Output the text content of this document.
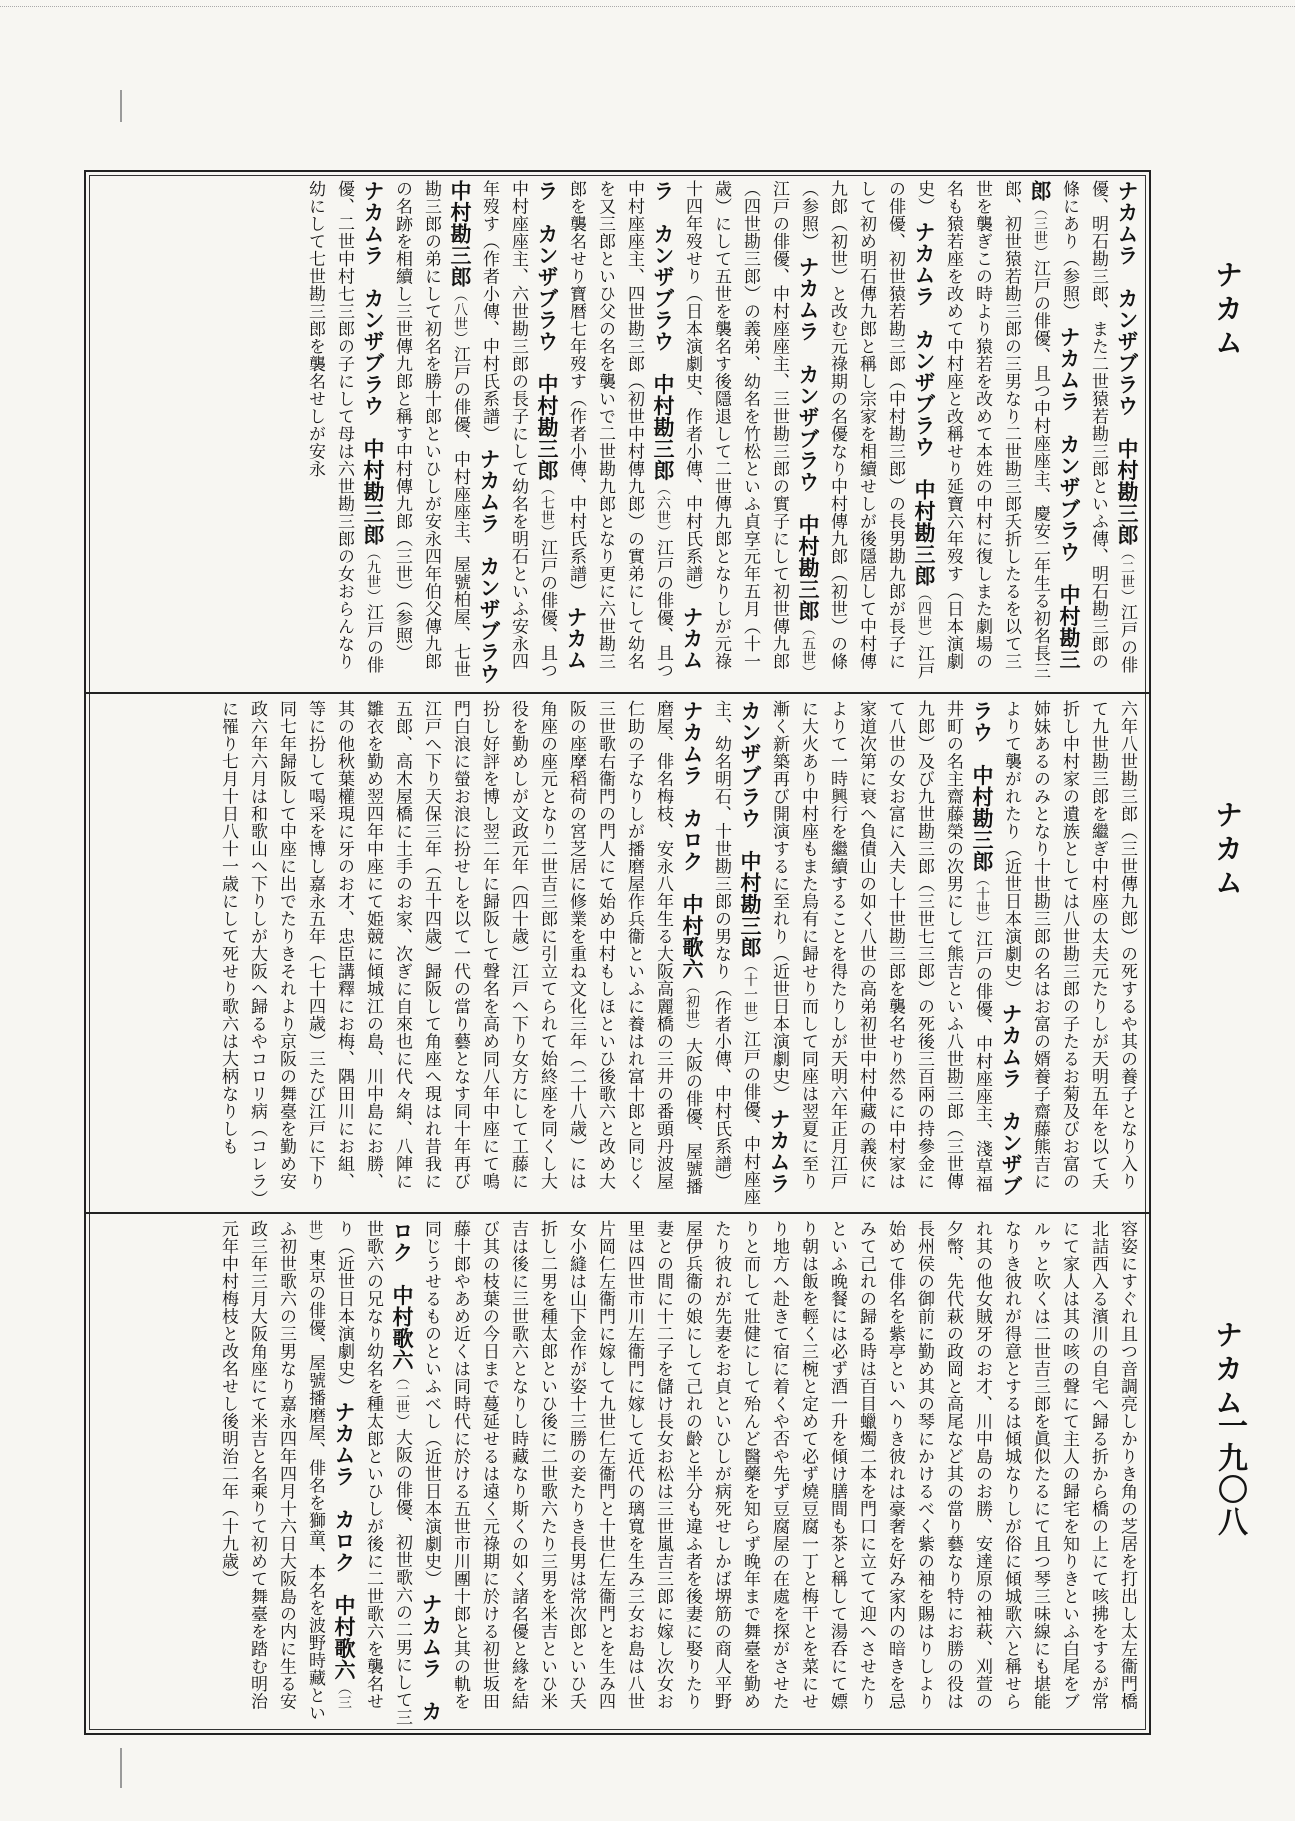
ナカム
ナカム
ナカム
一九〇八
ナカムラ　カンザブラウ　中村勘三郎（二世）江戸の俳優、明石勘三郎、また二世猿若勘三郎といふ傳、明石勘三郎の條にあり（参照） ナカムラ　カンザブラウ　中村勘三郎（三世）江戸の俳優、且つ中村座座主、慶安二年生る初名長三郎、初世猿若勘三郎の三男なり二世勘三郎夭折したるを以て三世を襲ぎこの時より猿若を改めて本姓の中村に復しまた劇場の名も猿若座を改めて中村座と改稱せり延寶六年歿す（日本演劇史） ナカムラ　カンザブラウ　中村勘三郎（四世）江戸の俳優、初世猿若勘三郎（中村勘三郎）の長男勘九郎が長子にして初め明石傳九郎と稱し宗家を相續せしが後隱居して中村傳九郎（初世）と改む元祿期の名優なり中村傳九郎（初世）の條（参照） ナカムラ　カンザブラウ　中村勘三郎（五世）江戸の俳優、中村座座主、三世勘三郎の實子にして初世傳九郎（四世勘三郎）の義弟、幼名を竹松といふ貞享元年五月（十一歳）にして五世を襲名す後隱退して二世傳九郎となりしが元祿十四年歿せり（日本演劇史、作者小傳、中村氏系譜） ナカムラ　カンザブラウ　中村勘三郎（六世）江戸の俳優、且つ中村座座主、四世勘三郎（初世中村傳九郎）の實弟にして幼名を又三郎といひ父の名を襲いで二世勘九郎となり更に六世勘三郎を襲名せり寶暦七年歿す（作者小傳、中村氏系譜） ナカムラ　カンザブラウ　中村勘三郎（七世）江戸の俳優、且つ中村座座主、六世勘三郎の長子にして幼名を明石といふ安永四年歿す（作者小傳、中村氏系譜） ナカムラ　カンザブラウ　中村勘三郎（八世）江戸の俳優、中村座座主、屋號柏屋、七世勘三郎の弟にして初名を勝十郎といひしが安永四年伯父傳九郎の名跡を相續し三世傳九郎と稱す中村傳九郎（三世）（参照） ナカムラ　カンザブラウ　中村勘三郎（九世）江戸の俳優、二世中村七三郎の子にして母は六世勘三郎の女おらんなり幼にして七世勘三郎を襲名せしが安永
六年八世勘三郎（三世傳九郎）の死するや其の養子となり入りて九世勘三郎を繼ぎ中村座の太夫元たりしが天明五年を以て夭折し中村家の遺族としては八世勘三郎の子たるお菊及びお富の姉妹あるのみとなり十世勘三郎の名はお富の婿養子齋藤熊吉によりて襲がれたり（近世日本演劇史） ナカムラ　カンザブラウ　中村勘三郎（十世）江戸の俳優、中村座座主、淺草福井町の名主齋藤榮の次男にして熊吉といふ八世勘三郎（三世傳九郎）及び九世勘三郎（三世七三郎）の死後三百兩の持參金にて八世の女お富に入夫し十世勘三郎を襲名せり然るに中村家は家道次第に衰へ負債山の如く八世の高弟初世中村仲藏の義俠によりて一時興行を繼續することを得たりしが天明六年正月江戸に大火あり中村座もまた烏有に歸せり而して同座は翌夏に至り漸く新築再び開演するに至れり（近世日本演劇史） ナカムラ　カンザブラウ　中村勘三郎（十一世）江戸の俳優、中村座座主、幼名明石、十世勘三郎の男なり（作者小傳、中村氏系譜） ナカムラ　カロク　中村歌六（初世）大阪の俳優、屋號播磨屋、俳名梅枝、安永八年生る大阪高麗橋の三井の番頭丹波屋仁助の子なりしが播磨屋作兵衞といふに養はれ富十郎と同じく三世歌右衞門の門人にて始め中村もしほといひ後歌六と改め大阪の座摩稻荷の宮芝居に修業を重ね文化三年（二十八歳）には角座の座元となり二世吉三郎に引立てられて始終座を同くし大役を勤めしが文政元年（四十歳）江戸へ下り女方にして工藤に扮し好評を博し翌二年に歸阪して聲名を高め同八年中座にて鳴門白浪に螢お浪に扮せしを以て一代の當り藝となす同十年再び江戸へ下り天保三年（五十四歳）歸阪して角座へ現はれ昔我に五郎、高木屋橋に土手のお家、次ぎに自來也に代々絹、八陣に雛衣を勤め翌四年中座にて姫競に傾城江の島、川中島にお勝、其の他秋葉權現に牙のお才、忠臣講釋にお梅、隅田川にお組、等に扮して喝采を博し嘉永五年（七十四歳）三たび江戸に下り同七年歸阪して中座に出でたりきそれより京阪の舞臺を勤め安政六年六月は和歌山へ下りしが大阪へ歸るやコロリ病（コレラ）に罹り七月十日八十一歳にして死せり歌六は大柄なりしも
容姿にすぐれ且つ音調亮しかりき角の芝居を打出し太左衞門橋北詰西入る濱川の自宅へ歸る折から橋の上にて咳拂をするが常にて家人は其の咳の聲にて主人の歸宅を知りきといふ白尾をブルゥと吹くは二世吉三郎を眞似たるにて且つ琴三味線にも堪能なりき彼れが得意とするは傾城なりしが俗に傾城歌六と稱せられ其の他女賊牙のお才、川中島のお勝、安達原の袖萩、刈萱の夕幣、先代萩の政岡と高尾など其の當り藝なり特にお勝の役は長州侯の御前に勤め其の琴にかけるべく紫の袖を賜はりしより始めて俳名を紫亭といへりき彼れは豪奢を好み家内の暗きを忌みて己れの歸る時は百目蠟燭二本を門口に立てて迎へさせたりといふ晚餐には必ず酒一升を傾け膳間も茶と稱して湯呑にて嫖り朝は飯を輕く三椀と定めて必ず燒豆腐一丁と梅干とを菜にせり地方へ赴きて宿に着くや否や先ず豆腐屋の在處を探がさせたりと而して壯健にして殆んど醫藥を知らず晚年まで舞臺を勤めたり彼れが先妻をお貞といひしが病死せしかば堺筋の商人平野屋伊兵衞の娘にして己れの齡と半分も違ふ者を後妻に娶りたり妻との間に十二子を儲け長女お松は三世嵐吉三郎に嫁し次女お里は四世市川左衞門に嫁して近代の璃寬を生み三女お島は八世片岡仁左衞門に嫁して九世仁左衞門と十世仁左衞門とを生み四女小縫は山下金作が姿十三勝の妾たりき長男は常次郎といひ夭折し二男を種太郎といひ後に二世歌六たり三男を米吉といひ米吉は後に三世歌六となりし時藏なり斯くの如く諸名優と緣を結び其の枝葉の今日まで蔓延せるは遠く元祿期に於ける初世坂田藤十郎やあめ近くは同時代に於ける五世市川團十郎と其の軌を同じうせるものといふべし（近世日本演劇史） ナカムラ　カロク　中村歌六（二世）大阪の俳優、初世歌六の二男にして三世歌六の兄なり幼名を種太郎といひしが後に二世歌六を襲名せり（近世日本演劇史） ナカムラ　カロク　中村歌六（三世）東京の俳優、屋號播磨屋、俳名を獅童、本名を波野時藏といふ初世歌六の三男なり嘉永四年四月十六日大阪島の内に生る安政三年三月大阪角座にて米吉と名乘りて初めて舞臺を踏む明治元年中村梅枝と改名せし後明治二年（十九歳）
